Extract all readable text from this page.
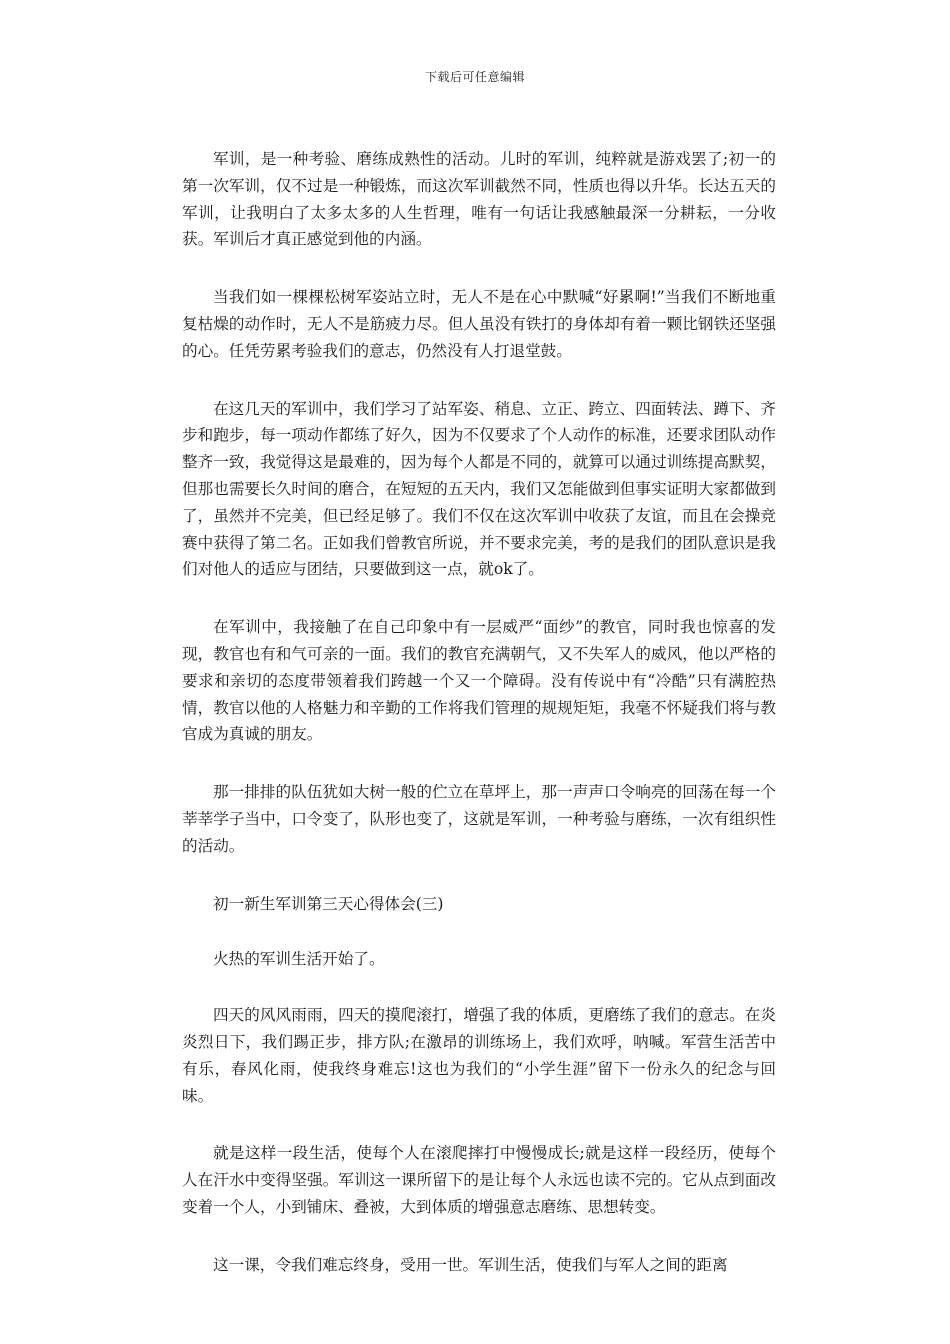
下载后可任意编辑

军训，是一种考验、磨练成熟性的活动。儿时的军训，纯粹就是游戏罢了;初一的第一次军训，仅不过是一种锻炼，而这次军训截然不同，性质也得以升华。长达五天的军训，让我明白了太多太多的人生哲理，唯有一句话让我感触最深一分耕耘，一分收获。军训后才真正感觉到他的内涵。

当我们如一棵棵松树军姿站立时，无人不是在心中默喊“好累啊!”当我们不断地重复枯燥的动作时，无人不是筋疲力尽。但人虽没有铁打的身体却有着一颗比钢铁还坚强的心。任凭劳累考验我们的意志，仍然没有人打退堂鼓。

在这几天的军训中，我们学习了站军姿、稍息、立正、跨立、四面转法、蹲下、齐步和跑步，每一项动作都练了好久，因为不仅要求了个人动作的标准，还要求团队动作整齐一致，我觉得这是最难的，因为每个人都是不同的，就算可以通过训练提高默契，但那也需要长久时间的磨合，在短短的五天内，我们又怎能做到但事实证明大家都做到了，虽然并不完美，但已经足够了。我们不仅在这次军训中收获了友谊，而且在会操竞赛中获得了第二名。正如我们曾教官所说，并不要求完美，考的是我们的团队意识是我们对他人的适应与团结，只要做到这一点，就ok了。

在军训中，我接触了在自己印象中有一层威严“面纱”的教官，同时我也惊喜的发现，教官也有和气可亲的一面。我们的教官充满朝气，又不失军人的威风，他以严格的要求和亲切的态度带领着我们跨越一个又一个障碍。没有传说中有“冷酷”只有满腔热情，教官以他的人格魅力和辛勤的工作将我们管理的规规矩矩，我毫不怀疑我们将与教官成为真诚的朋友。

那一排排的队伍犹如大树一般的伫立在草坪上，那一声声口令响亮的回荡在每一个莘莘学子当中，口令变了，队形也变了，这就是军训，一种考验与磨练，一次有组织性的活动。

初一新生军训第三天心得体会(三)

火热的军训生活开始了。

四天的风风雨雨，四天的摸爬滚打，增强了我的体质，更磨练了我们的意志。在炎炎烈日下，我们踢正步，排方队;在激昂的训练场上，我们欢呼，呐喊。军营生活苦中有乐，春风化雨，使我终身难忘!这也为我们的“小学生涯”留下一份永久的纪念与回味。

就是这样一段生活，使每个人在滚爬摔打中慢慢成长;就是这样一段经历，使每个人在汗水中变得坚强。军训这一课所留下的是让每个人永远也读不完的。它从点到面改变着一个人，小到铺床、叠被，大到体质的增强意志磨练、思想转变。

这一课，令我们难忘终身，受用一世。军训生活，使我们与军人之间的距离
